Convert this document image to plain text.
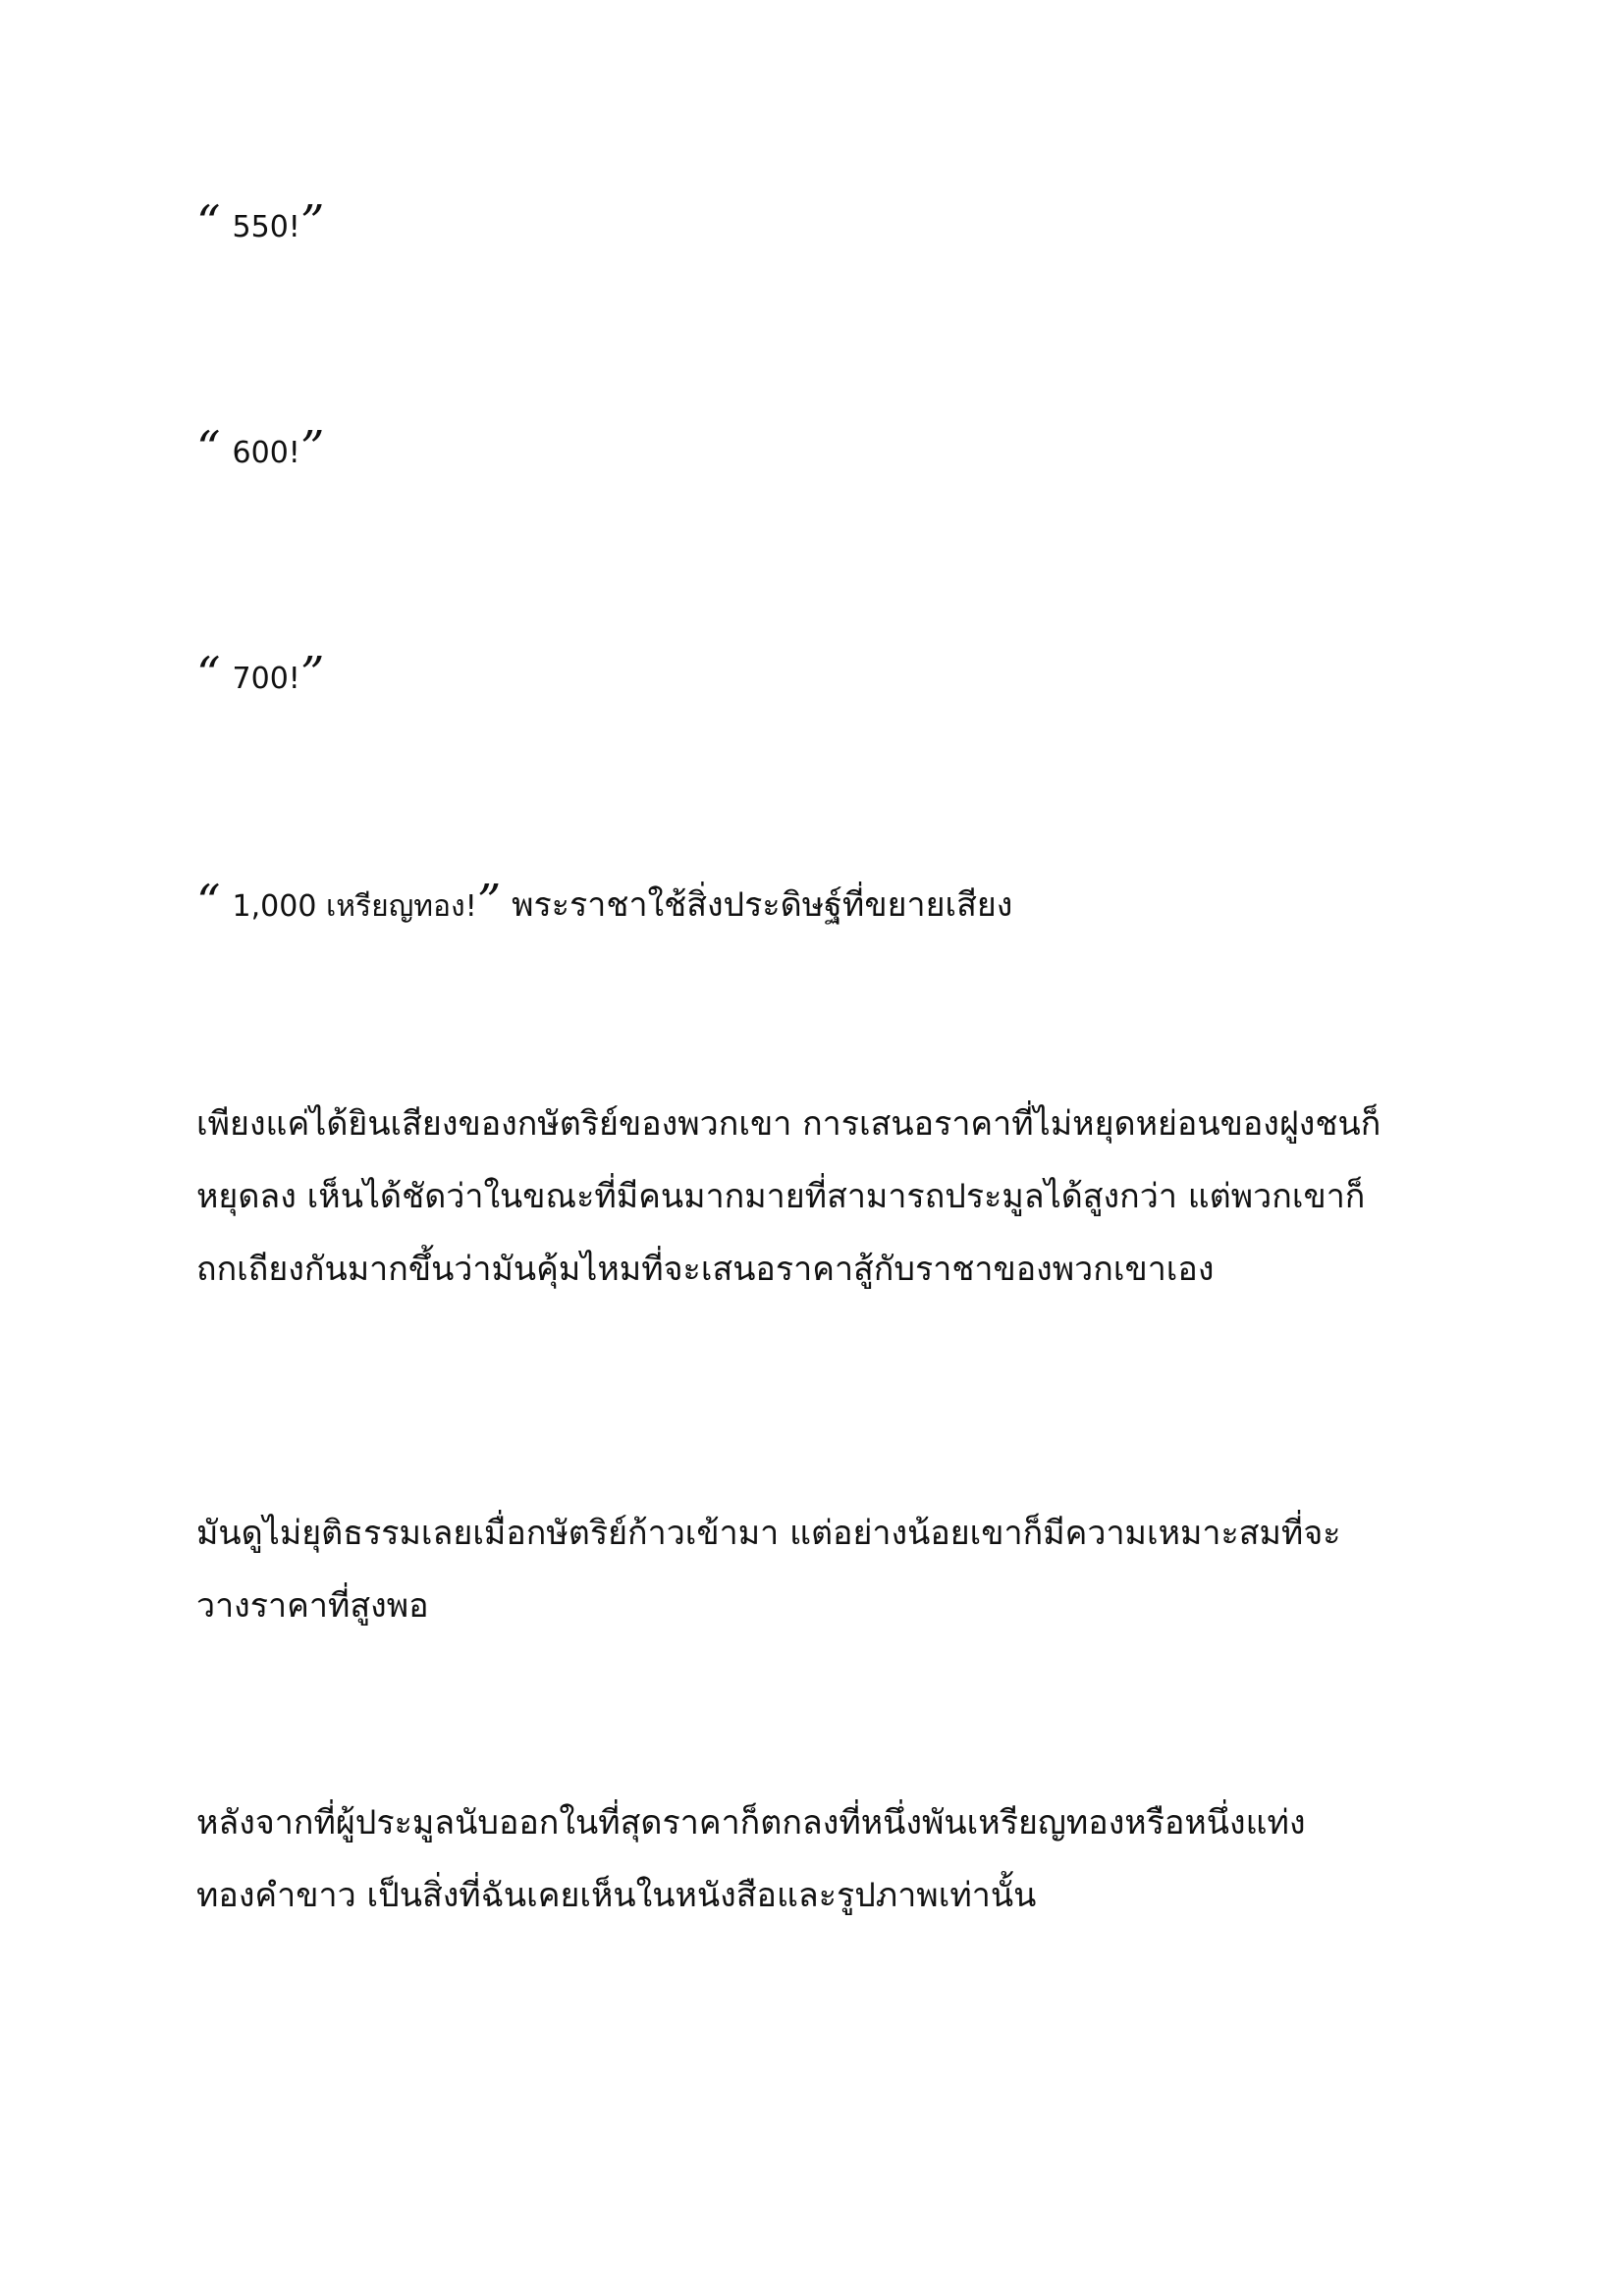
“ 550!”

“ 600!”

“ 700!”

“ 1,000 เหรียญทอง!” พระราชาใช้สิ่งประดิษฐ์ที่ขยายเสียง

เพียงแค่ได้ยินเสียงของกษัตริย์ของพวกเขา การเสนอราคาที่ไม่หยุดหย่อนของฝูงชนก็
หยุดลง เห็นได้ชัดว่าในขณะที่มีคนมากมายที่สามารถประมูลได้สูงกว่า แต่พวกเขาก็
ถกเถียงกันมากขึ้นว่ามันคุ้มไหมที่จะเสนอราคาสู้กับราชาของพวกเขาเอง
มันดูไม่ยุติธรรมเลยเมื่อกษัตริย์ก้าวเข้ามา แต่อย่างน้อยเขาก็มีความเหมาะสมที่จะ
วางราคาที่สูงพอ
หลังจากที่ผู้ประมูลนับออกในที่สุดราคาก็ตกลงที่หนึ่งพันเหรียญทองหรือหนึ่งแท่ง
ทองคำขาว เป็นสิ่งที่ฉันเคยเห็นในหนังสือและรูปภาพเท่านั้น
